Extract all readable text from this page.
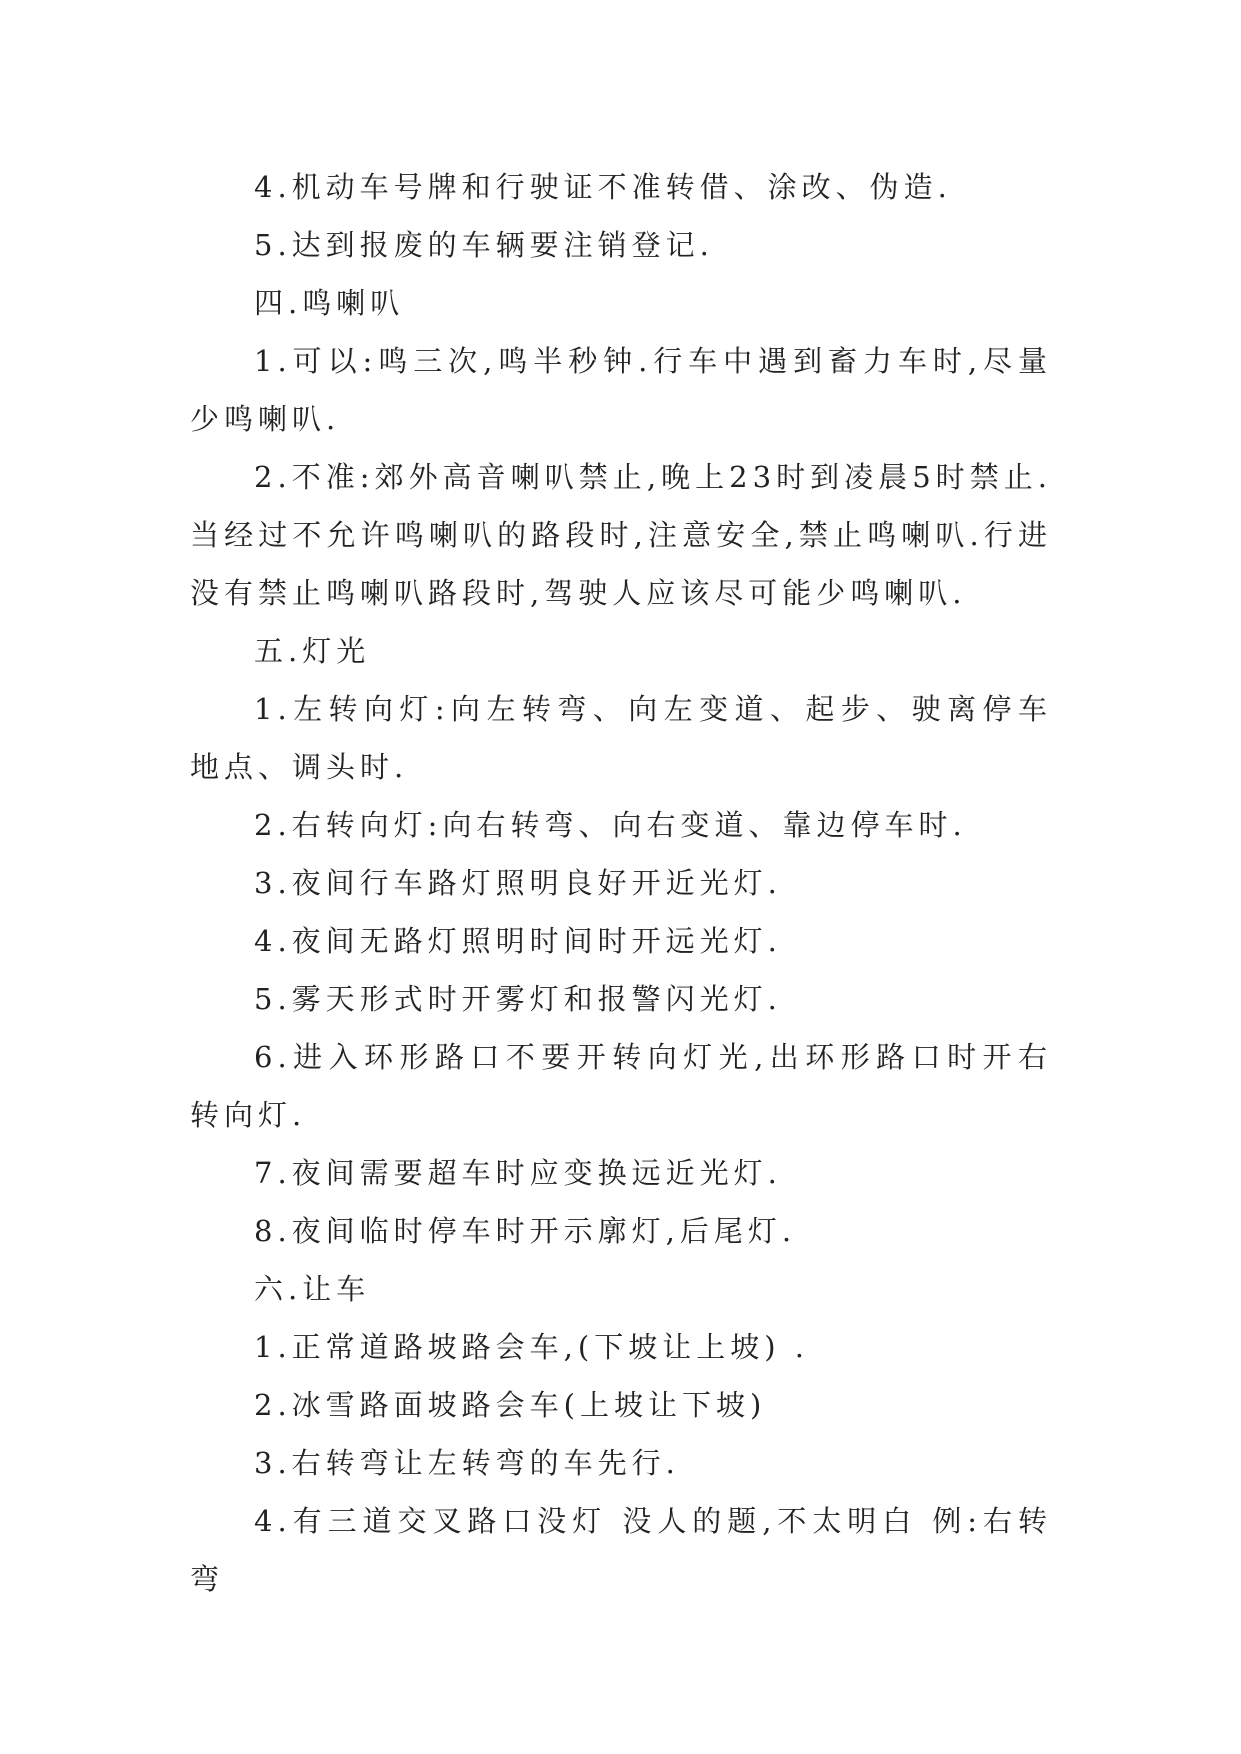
4.机动车号牌和行驶证不准转借、涂改、伪造.

5.达到报废的车辆要注销登记.

四.鸣喇叭

1.可以:鸣三次,鸣半秒钟.行车中遇到畜力车时,尽量少鸣喇叭.

2.不准:郊外高音喇叭禁止,晚上23时到凌晨5时禁止.当经过不允许鸣喇叭的路段时,注意安全,禁止鸣喇叭.行进没有禁止鸣喇叭路段时,驾驶人应该尽可能少鸣喇叭.

五.灯光

1.左转向灯:向左转弯、向左变道、起步、驶离停车地点、调头时.

2.右转向灯:向右转弯、向右变道、靠边停车时.

3.夜间行车路灯照明良好开近光灯.

4.夜间无路灯照明时间时开远光灯.

5.雾天形式时开雾灯和报警闪光灯.

6.进入环形路口不要开转向灯光,出环形路口时开右转向灯.

7.夜间需要超车时应变换远近光灯.

8.夜间临时停车时开示廓灯,后尾灯.

六.让车

1.正常道路坡路会车,(下坡让上坡) .

2.冰雪路面坡路会车(上坡让下坡)

3.右转弯让左转弯的车先行.

4.有三道交叉路口没灯 没人的题,不太明白 例:右转弯
